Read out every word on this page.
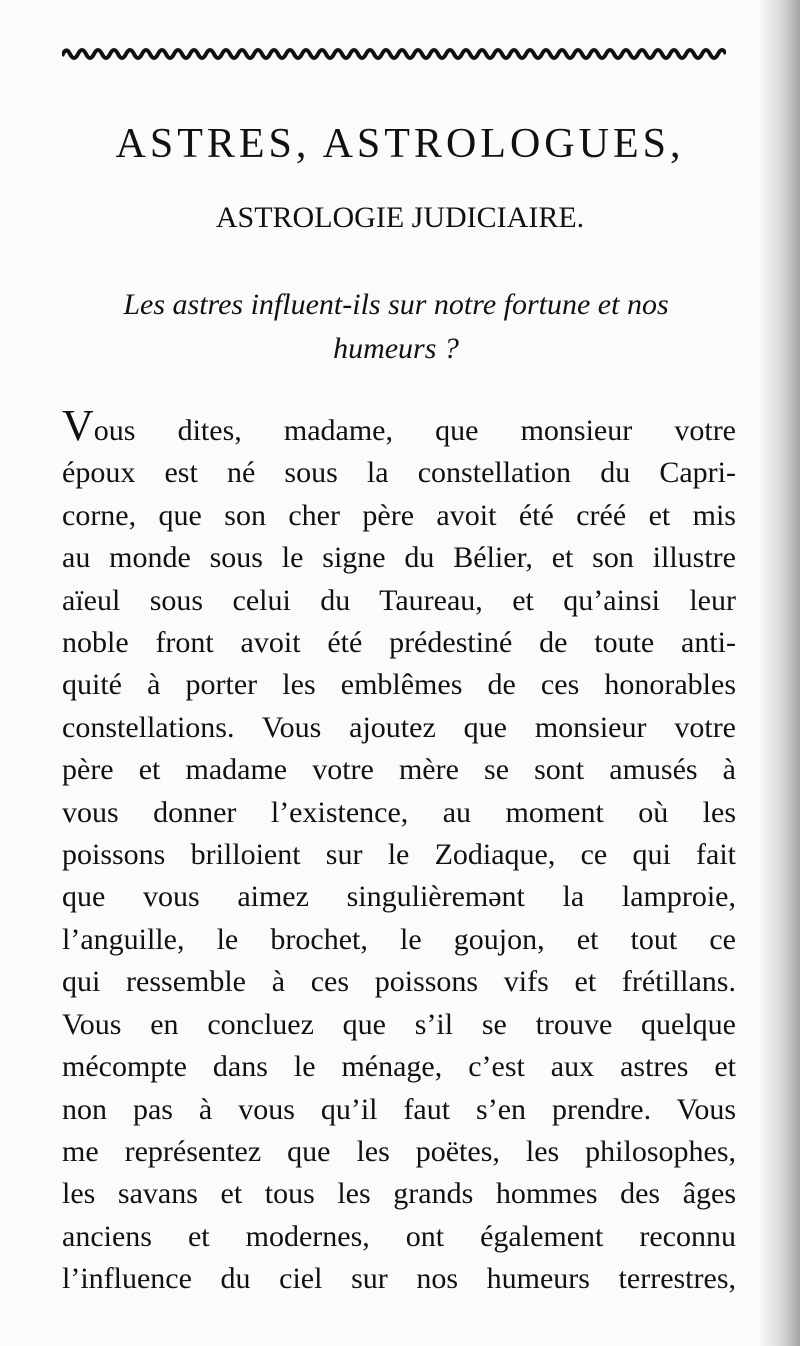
ASTRES, ASTROLOGUES,
ASTROLOGIE JUDICIAIRE.

Les astres influent-ils sur notre fortune et nos
humeurs ?

Vous dites, madame, que monsieur votre
époux est né sous la constellation du Capri-
corne, que son cher père avoit été créé et mis
au monde sous le signe du Bélier, et son illustre
aïeul sous celui du Taureau, et qu’ainsi leur
noble front avoit été prédestiné de toute anti-
quité à porter les emblêmes de ces honorables
constellations. Vous ajoutez que monsieur votre
père et madame votre mère se sont amusés à
vous donner l’existence, au moment où les
poissons brilloient sur le Zodiaque, ce qui fait
que vous aimez singulièremənt la lamproie,
l’anguille, le brochet, le goujon, et tout ce
qui ressemble à ces poissons vifs et frétillans.
Vous en concluez que s’il se trouve quelque
mécompte dans le ménage, c’est aux astres et
non pas à vous qu’il faut s’en prendre. Vous
me représentez que les poëtes, les philosophes,
les savans et tous les grands hommes des âges
anciens et modernes, ont également reconnu
l’influence du ciel sur nos humeurs terrestres,
